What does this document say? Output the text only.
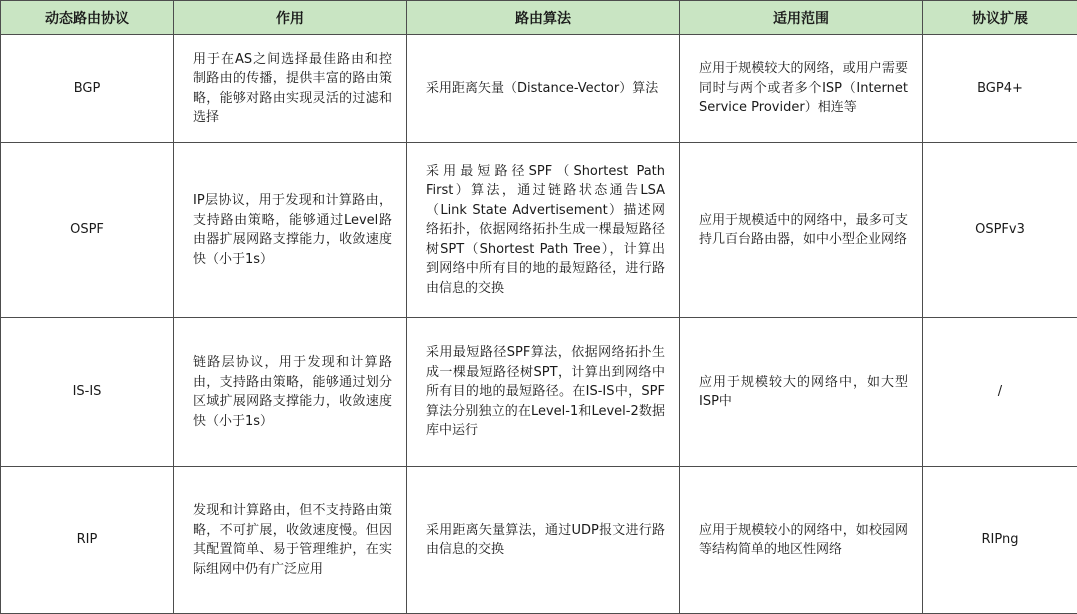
动态路由协议	作用	路由算法	适用范围	协议扩展
BGP	用于在AS之间选择最佳路由和控制路由的传播，提供丰富的路由策略，能够对路由实现灵活的过滤和选择	采用距离矢量（Distance-Vector）算法	应用于规模较大的网络，或用户需要同时与两个或者多个ISP（Internet Service Provider）相连等	BGP4+
OSPF	IP层协议，用于发现和计算路由，支持路由策略，能够通过Level路由器扩展网路支撑能力，收敛速度快（小于1s）	采用最短路径SPF（Shortest Path First）算法，通过链路状态通告LSA（Link State Advertisement）描述网络拓扑，依据网络拓扑生成一棵最短路径树SPT（Shortest Path Tree），计算出到网络中所有目的地的最短路径，进行路由信息的交换	应用于规模适中的网络中，最多可支持几百台路由器，如中小型企业网络	OSPFv3
IS-IS	链路层协议，用于发现和计算路由，支持路由策略，能够通过划分区域扩展网路支撑能力，收敛速度快（小于1s）	采用最短路径SPF算法，依据网络拓扑生成一棵最短路径树SPT，计算出到网络中所有目的地的最短路径。在IS-IS中，SPF算法分别独立的在Level-1和Level-2数据库中运行	应用于规模较大的网络中，如大型ISP中	/
RIP	发现和计算路由，但不支持路由策略，不可扩展，收敛速度慢。但因其配置简单、易于管理维护，在实际组网中仍有广泛应用	采用距离矢量算法，通过UDP报文进行路由信息的交换	应用于规模较小的网络中，如校园网等结构简单的地区性网络	RIPng
